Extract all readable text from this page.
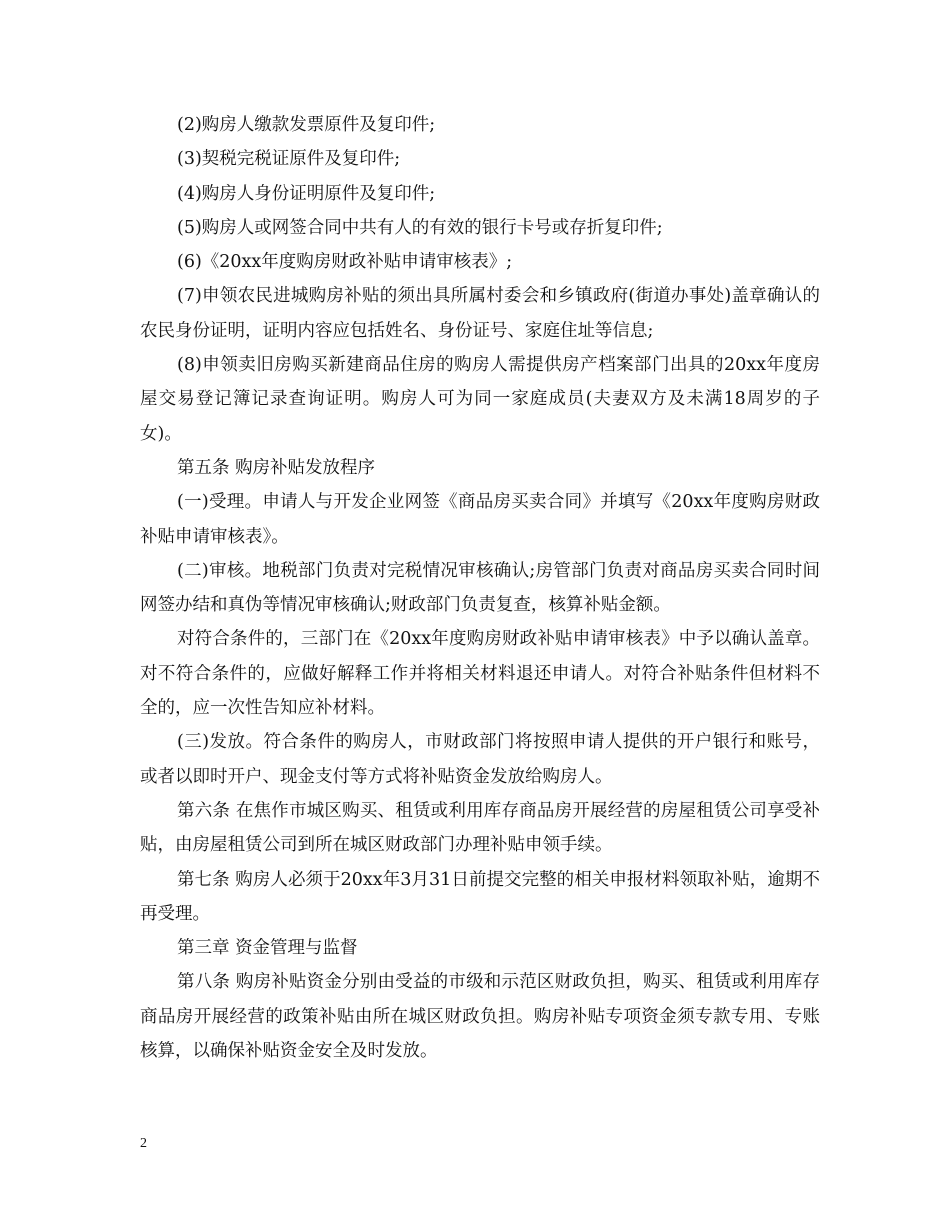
(2)购房人缴款发票原件及复印件;

(3)契税完税证原件及复印件;

(4)购房人身份证明原件及复印件;

(5)购房人或网签合同中共有人的有效的银行卡号或存折复印件;

(6)《20xx年度购房财政补贴申请审核表》;

(7)申领农民进城购房补贴的须出具所属村委会和乡镇政府(街道办事处)盖章确认的农民身份证明，证明内容应包括姓名、身份证号、家庭住址等信息;

(8)申领卖旧房购买新建商品住房的购房人需提供房产档案部门出具的20xx年度房屋交易登记簿记录查询证明。购房人可为同一家庭成员(夫妻双方及未满18周岁的子女)。

第五条 购房补贴发放程序

(一)受理。申请人与开发企业网签《商品房买卖合同》并填写《20xx年度购房财政补贴申请审核表》。

(二)审核。地税部门负责对完税情况审核确认;房管部门负责对商品房买卖合同时间网签办结和真伪等情况审核确认;财政部门负责复查，核算补贴金额。

对符合条件的，三部门在《20xx年度购房财政补贴申请审核表》中予以确认盖章。对不符合条件的，应做好解释工作并将相关材料退还申请人。对符合补贴条件但材料不全的，应一次性告知应补材料。

(三)发放。符合条件的购房人，市财政部门将按照申请人提供的开户银行和账号，或者以即时开户、现金支付等方式将补贴资金发放给购房人。

第六条 在焦作市城区购买、租赁或利用库存商品房开展经营的房屋租赁公司享受补贴，由房屋租赁公司到所在城区财政部门办理补贴申领手续。

第七条 购房人必须于20xx年3月31日前提交完整的相关申报材料领取补贴，逾期不再受理。

第三章 资金管理与监督

第八条 购房补贴资金分别由受益的市级和示范区财政负担，购买、租赁或利用库存商品房开展经营的政策补贴由所在城区财政负担。购房补贴专项资金须专款专用、专账核算，以确保补贴资金安全及时发放。

2
